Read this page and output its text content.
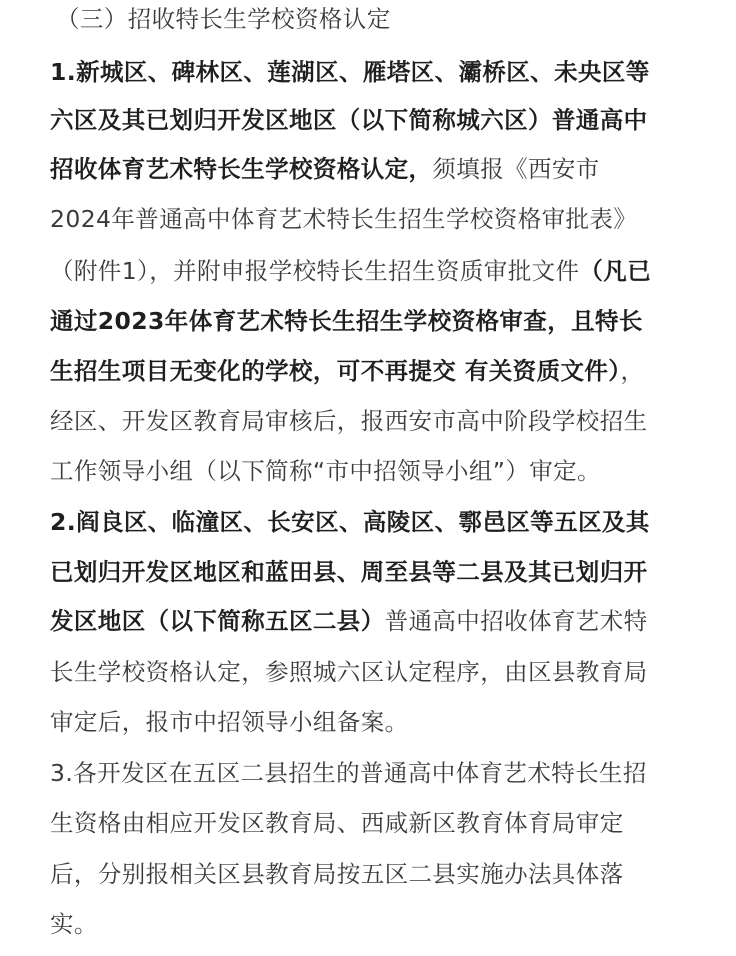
（三）招收特长生学校资格认定
1.新城区、碑林区、莲湖区、雁塔区、灞桥区、未央区等
六区及其已划归开发区地区（以下简称城六区）普通高中
招收体育艺术特长生学校资格认定，须填报《西安市
2024年普通高中体育艺术特长生招生学校资格审批表》
（附件1），并附申报学校特长生招生资质审批文件（凡已
通过2023年体育艺术特长生招生学校资格审查，且特长
生招生项目无变化的学校，可不再提交 有关资质文件），
经区、开发区教育局审核后，报西安市高中阶段学校招生
工作领导小组（以下简称“市中招领导小组”）审定。
2.阎良区、临潼区、长安区、高陵区、鄠邑区等五区及其
已划归开发区地区和蓝田县、周至县等二县及其已划归开
发区地区（以下简称五区二县）普通高中招收体育艺术特
长生学校资格认定，参照城六区认定程序，由区县教育局
审定后，报市中招领导小组备案。
3.各开发区在五区二县招生的普通高中体育艺术特长生招
生资格由相应开发区教育局、西咸新区教育体育局审定
后，分别报相关区县教育局按五区二县实施办法具体落
实。
